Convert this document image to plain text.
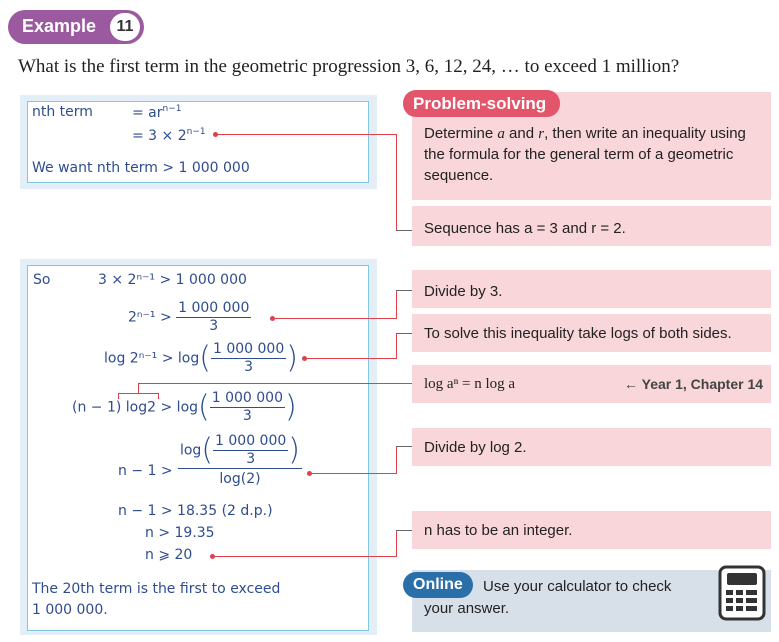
Example	11
What is the first term in the geometric progression 3, 6, 12, 24, … to exceed 1 million?
nth term	= $ar^{n-1}$
= $3 \times 2^{n-1}$
We want nth term > 1 000 000
Problem-solving
Determine a and r, then write an inequality using
the formula for the general term of a geometric
sequence.
Sequence has a = 3 and r = 2.
So	3 × 2ⁿ⁻¹ > 1 000 000
$2^{n-1} > \frac{1 000 000}{3}$
$\log 2^{n-1} > \log( \frac{1 000 000}{3}$ )
(n − 1) $\log 2 > \log( \frac{1 000 000}{3}$ )
n − 1 >
$\log( \frac{1 000 000}{3}$ )
log(2)
n − 1 > 18.35 (2 d.p.)
n > 19.35
n ⩾ 20
The 20th term is the first to exceed
1 000 000.
Divide by 3.
To solve this inequality take logs of both sides.
log aⁿ = n log a	← Year 1, Chapter 14
Divide by log 2.
n has to be an integer.
Online	Use your calculator to check
your answer.
